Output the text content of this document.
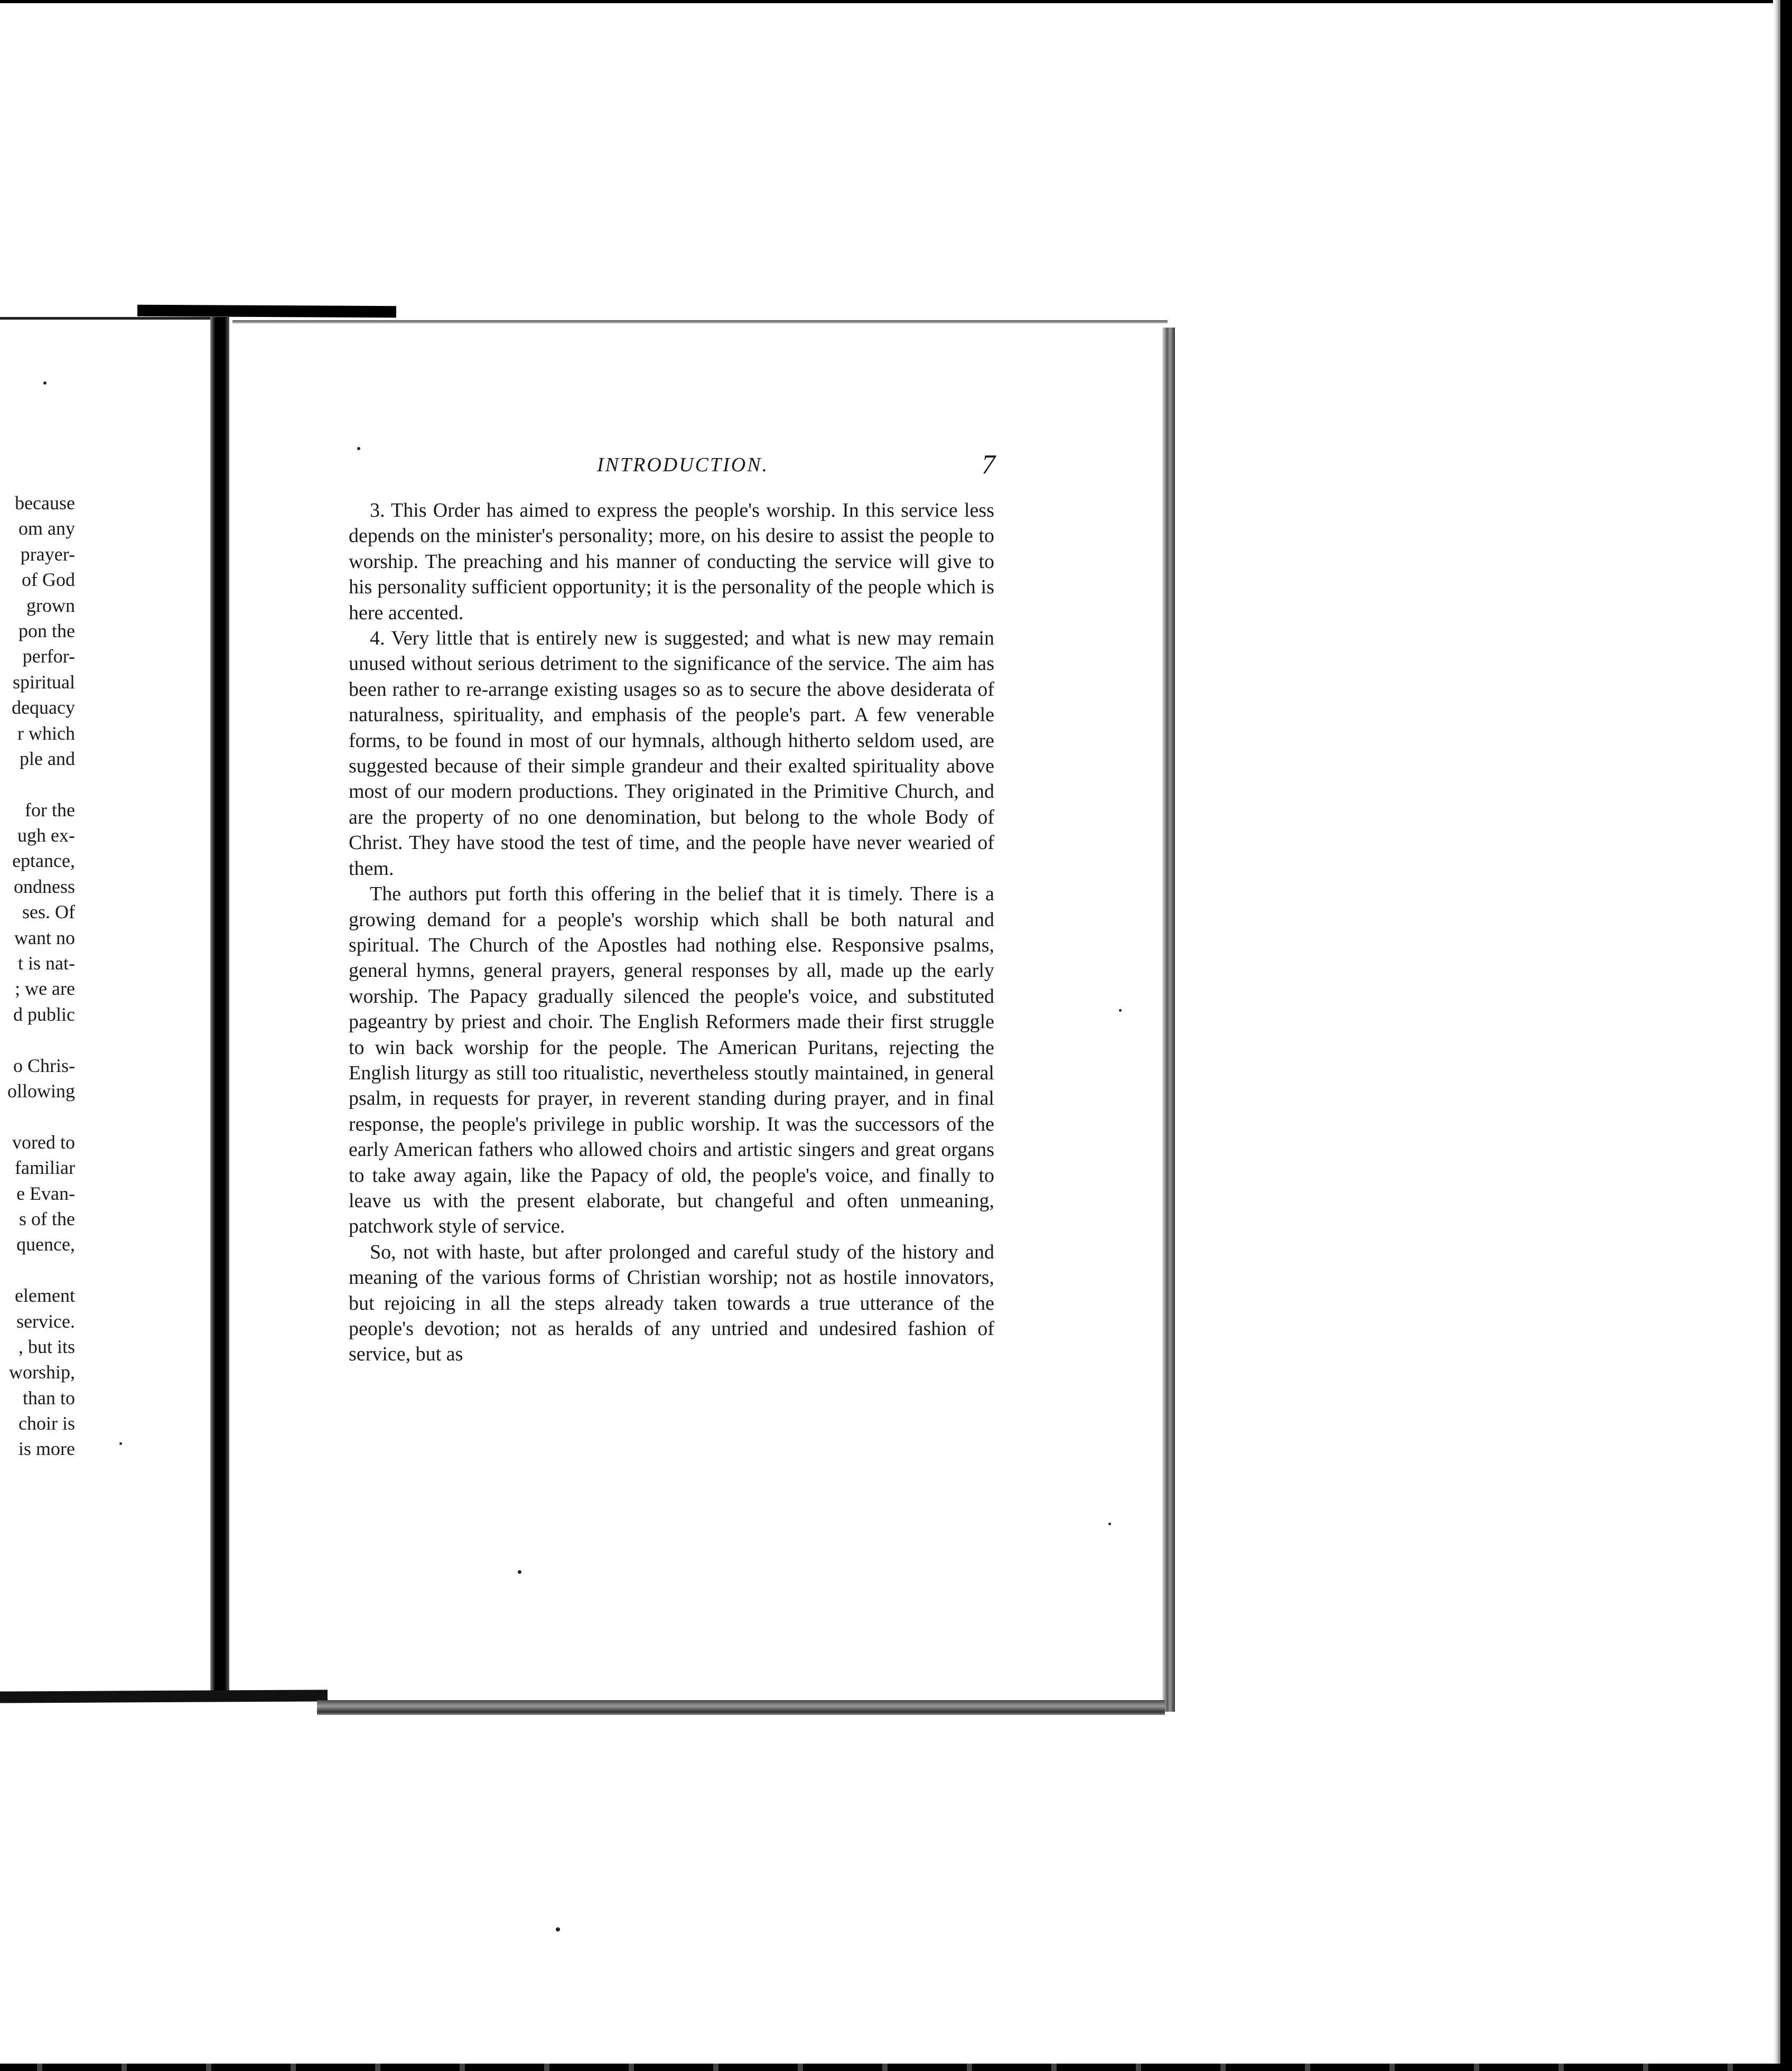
because
om any
prayer-
of God
grown
pon the
perfor-
spiritual
dequacy
r which
ple and
for the
ugh ex-
eptance,
ondness
ses. Of
want no
t is nat-
; we are
d public
o Chris-
ollowing
vored to
familiar
e Evan-
s of the
quence,
element
service.
, but its
worship,
than to
choir is
is more
INTRODUCTION.	7

3. This Order has aimed to express the people's worship. In this service less depends on the minister's personality; more, on his desire to assist the people to worship. The preaching and his manner of conducting the service will give to his personality sufficient opportunity; it is the personality of the people which is here accented.

4. Very little that is entirely new is suggested; and what is new may remain unused without serious detriment to the significance of the service. The aim has been rather to re-arrange existing usages so as to secure the above desiderata of naturalness, spirituality, and emphasis of the people's part. A few venerable forms, to be found in most of our hymnals, although hitherto seldom used, are suggested because of their simple grandeur and their exalted spirituality above most of our modern productions. They originated in the Primitive Church, and are the property of no one denomination, but belong to the whole Body of Christ. They have stood the test of time, and the people have never wearied of them.

The authors put forth this offering in the belief that it is timely. There is a growing demand for a people's worship which shall be both natural and spiritual. The Church of the Apostles had nothing else. Responsive psalms, general hymns, general prayers, general responses by all, made up the early worship. The Papacy gradually silenced the people's voice, and substituted pageantry by priest and choir. The English Reformers made their first struggle to win back worship for the people. The American Puritans, rejecting the English liturgy as still too ritualistic, nevertheless stoutly maintained, in general psalm, in requests for prayer, in reverent standing during prayer, and in final response, the people's privilege in public worship. It was the successors of the early American fathers who allowed choirs and artistic singers and great organs to take away again, like the Papacy of old, the people's voice, and finally to leave us with the present elaborate, but changeful and often unmeaning, patchwork style of service.

So, not with haste, but after prolonged and careful study of the history and meaning of the various forms of Christian worship; not as hostile innovators, but rejoicing in all the steps already taken towards a true utterance of the people's devotion; not as heralds of any untried and undesired fashion of service, but as
